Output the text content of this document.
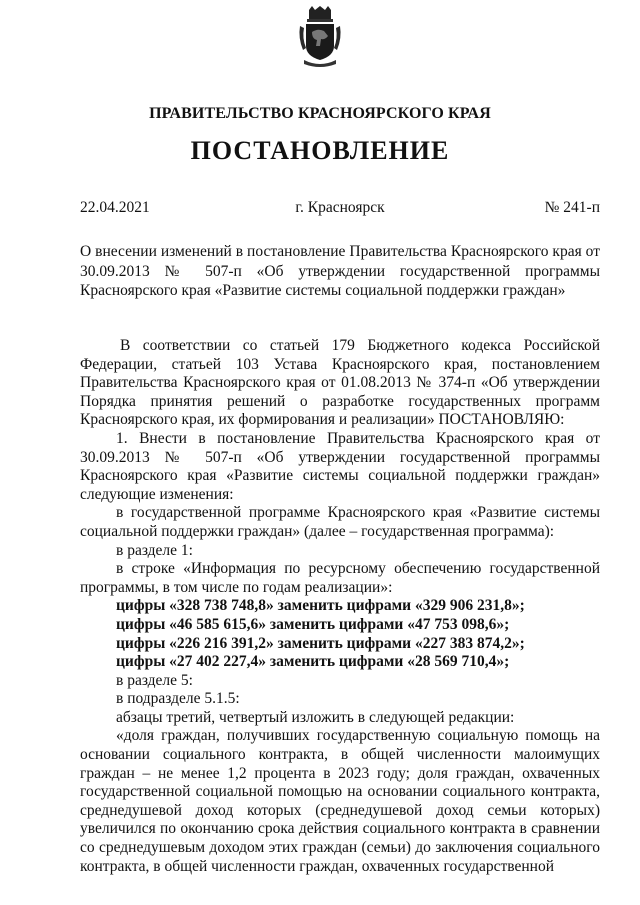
ПРАВИТЕЛЬСТВО КРАСНОЯРСКОГО КРАЯ
ПОСТАНОВЛЕНИЕ
22.04.2021	г. Красноярск	№ 241-п
О внесении изменений в постановление Правительства Красноярского края от 30.09.2013 № 507-п «Об утверждении государственной программы Красноярского края «Развитие системы социальной поддержки граждан»

В соответствии со статьей 179 Бюджетного кодекса Российской Федерации, статьей 103 Устава Красноярского края, постановлением Правительства Красноярского края от 01.08.2013 № 374-п «Об утверждении Порядка принятия решений о разработке государственных программ Красноярского края, их формирования и реализации» ПОСТАНОВЛЯЮ:

1. Внести в постановление Правительства Красноярского края от 30.09.2013 № 507-п «Об утверждении государственной программы Красноярского края «Развитие системы социальной поддержки граждан» следующие изменения:

в государственной программе Красноярского края «Развитие системы социальной поддержки граждан» (далее – государственная программа):

в разделе 1:

в строке «Информация по ресурсному обеспечению государственной программы, в том числе по годам реализации»:

цифры «328 738 748,8» заменить цифрами «329 906 231,8»;

цифры «46 585 615,6» заменить цифрами «47 753 098,6»;

цифры «226 216 391,2» заменить цифрами «227 383 874,2»;

цифры «27 402 227,4» заменить цифрами «28 569 710,4»;

в разделе 5:

в подразделе 5.1.5:

абзацы третий, четвертый изложить в следующей редакции:

«доля граждан, получивших государственную социальную помощь на основании социального контракта, в общей численности малоимущих граждан – не менее 1,2 процента в 2023 году; доля граждан, охваченных государственной социальной помощью на основании социального контракта, среднедушевой доход которых (среднедушевой доход семьи которых) увеличился по окончанию срока действия социального контракта в сравнении со среднедушевым доходом этих граждан (семьи) до заключения социального контракта, в общей численности граждан, охваченных государственной
